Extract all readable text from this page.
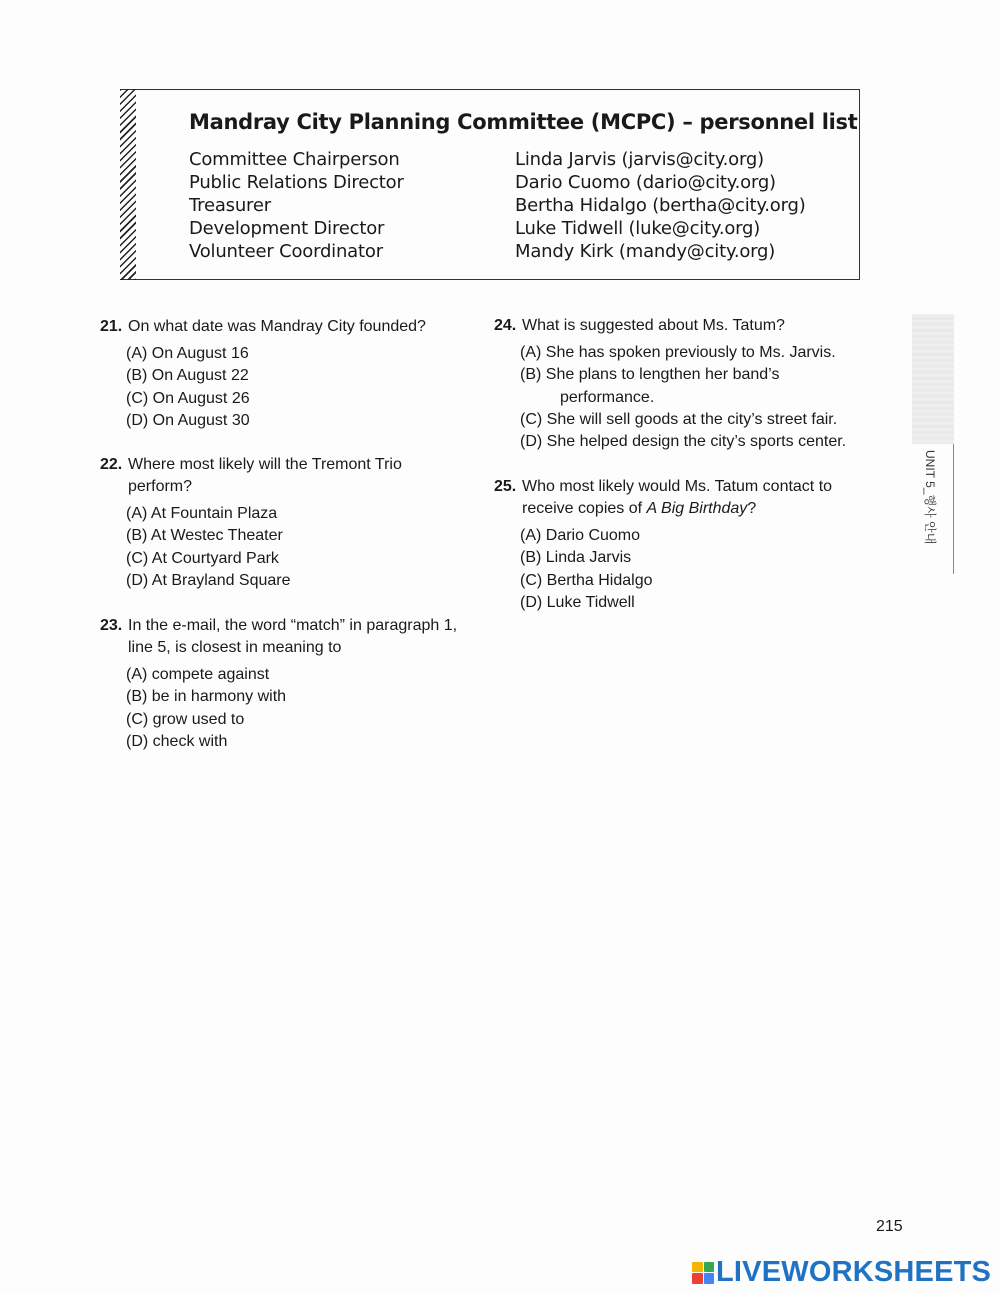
Mandray City Planning Committee (MCPC) – personnel list
Committee Chairperson
Public Relations Director
Treasurer
Development Director
Volunteer Coordinator
Linda Jarvis (jarvis@city.org)
Dario Cuomo (dario@city.org)
Bertha Hidalgo (bertha@city.org)
Luke Tidwell (luke@city.org)
Mandy Kirk (mandy@city.org)
21. On what date was Mandray City founded?
(A) On August 16
(B) On August 22
(C) On August 26
(D) On August 30
22. Where most likely will the Tremont Trio
perform?
(A) At Fountain Plaza
(B) At Westec Theater
(C) At Courtyard Park
(D) At Brayland Square
23. In the e-mail, the word “match” in paragraph 1,
line 5, is closest in meaning to
(A) compete against
(B) be in harmony with
(C) grow used to
(D) check with
24. What is suggested about Ms. Tatum?
(A) She has spoken previously to Ms. Jarvis.
(B) She plans to lengthen her band’s
performance.
(C) She will sell goods at the city’s street fair.
(D) She helped design the city’s sports center.
25. Who most likely would Ms. Tatum contact to
receive copies of A Big Birthday?
(A) Dario Cuomo
(B) Linda Jarvis
(C) Bertha Hidalgo
(D) Luke Tidwell
UNIT 5_행사 안내
215
LIVEWORKSHEETS
